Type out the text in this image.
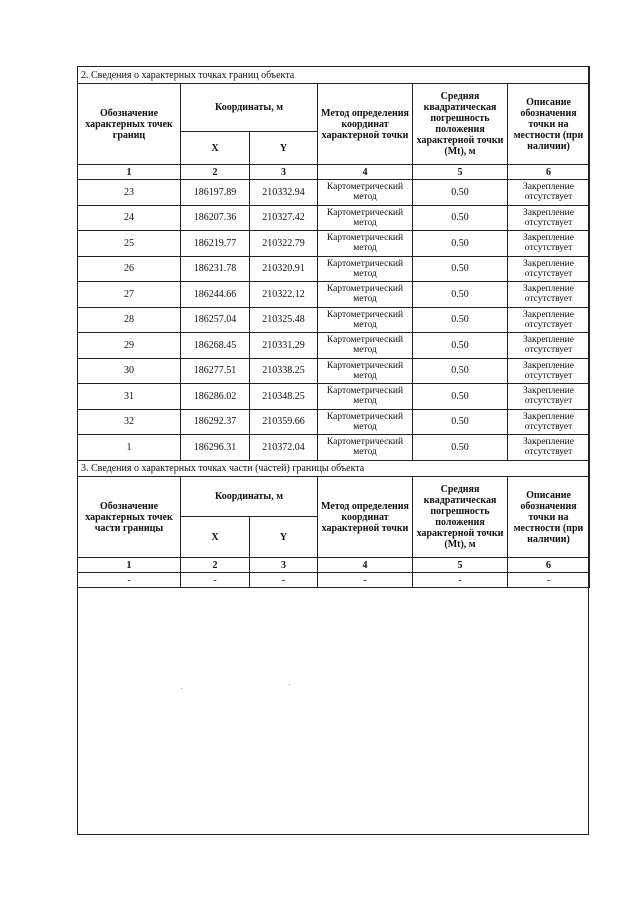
2. Сведения о характерных точках границ объекта					
Обозначение характерных точек границ	Координаты, м		Метод определения координат характерной точки	Средняя квадратическая погрешность положения характерной точки (Mt), м	Описание обозначения точки на местности (при наличии)
	X	Y			
1	2	3	4	5	6
23	186197.89	210332.94	Картометрический метод	0.50	Закрепление отсутствует
24	186207.36	210327.42	Картометрический метод	0.50	Закрепление отсутствует
25	186219.77	210322.79	Картометрический метод	0.50	Закрепление отсутствует
26	186231.78	210320.91	Картометрический метод	0.50	Закрепление отсутствует
27	186244.66	210322.12	Картометрический метод	0.50	Закрепление отсутствует
28	186257.04	210325.48	Картометрический метод	0.50	Закрепление отсутствует
29	186268.45	210331.29	Картометрический метод	0.50	Закрепление отсутствует
30	186277.51	210338.25	Картометрический метод	0.50	Закрепление отсутствует
31	186286.02	210348.25	Картометрический метод	0.50	Закрепление отсутствует
32	186292.37	210359.66	Картометрический метод	0.50	Закрепление отсутствует
1	186296.31	210372.04	Картометрический метод	0.50	Закрепление отсутствует
3. Сведения о характерных точках части (частей) границы объекта					
Обозначение характерных точек части границы	Координаты, м		Метод определения координат характерной точки	Средняя квадратическая погрешность положения характерной точки (Mt), м	Описание обозначения точки на местности (при наличии)
	X	Y			
1	2	3	4	5	6
-	-	-	-	-	-
